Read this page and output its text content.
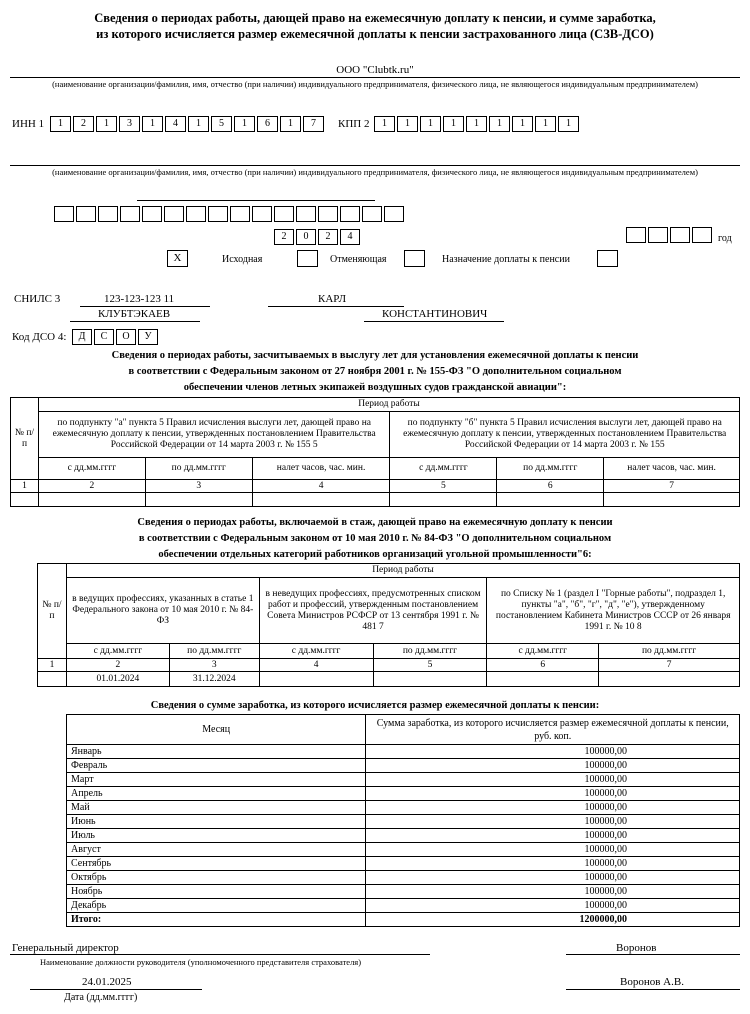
Сведения о периодах работы, дающей право на ежемесячную доплату к пенсии, и сумме заработка,
из которого исчисляется размер ежемесячной доплаты к пенсии застрахованного лица (СЗВ-ДСО)
ООО "Clubtk.ru"
(наименование организации/фамилия, имя, отчество (при наличии) индивидуального предпринимателя, физического лица, не являющегося индивидуальным предпринимателем)
ИНН 1	1	2	1	3	1	4	1	5	1	6	1	7	КПП 2	1	1	1	1	1	1	1	1	1
(наименование организации/фамилия, имя, отчество (при наличии) индивидуального предпринимателя, физического лица, не являющегося индивидуальным предпринимателем)
2	0	2	4	год
X	Исходная	Отменяющая	Назначение доплаты к пенсии
СНИЛС 3	123-123-123 11	КАРЛ
КЛУБТЭКАЕВ	КОНСТАНТИНОВИЧ
Код ДСО 4:	Д	С	О	У
Сведения о периодах работы, засчитываемых в выслугу лет для установления ежемесячной доплаты к пенсии
в соответствии с Федеральным законом от 27 ноября 2001 г. № 155-ФЗ "О дополнительном социальном
обеспечении членов летных экипажей воздушных судов гражданской авиации":
№ п/п	Период работы					
	по подпункту "а" пункта 5 Правил исчисления выслуги лет, дающей право на ежемесячную доплату к пенсии, утвержденных постановлением Правительства Российской Федерации от 14 марта 2003 г. № 155 5			по подпункту "б" пункта 5 Правил исчисления выслуги лет, дающей право на ежемесячную доплату к пенсии, утвержденных постановлением Правительства Российской Федерации от 14 марта 2003 г. № 155		
	с дд.мм.гггг	по дд.мм.гггг	налет часов, час. мин.	с дд.мм.гггг	по дд.мм.гггг	налет часов, час. мин.
1	2	3	4	5	6	7

Сведения о периодах работы, включаемой в стаж, дающей право на ежемесячную доплату к пенсии
в соответствии с Федеральным законом от 10 мая 2010 г. № 84-ФЗ "О дополнительном социальном
обеспечении отдельных категорий работников организаций угольной промышленности"6:
№ п/п	Период работы					
	в ведущих профессиях, указанных в статье 1 Федерального закона от 10 мая 2010 г. № 84-ФЗ		в неведущих профессиях, предусмотренных списком работ и профессий, утвержденным постановлением Совета Министров РСФСР от 13 сентября 1991 г. № 481 7		по Списку № 1 (раздел I "Горные работы", подраздел 1, пункты "а", "б", "г", "д", "е"), утвержденному постановлением Кабинета Министров СССР от 26 января 1991 г. № 10 8	
	с дд.мм.гггг	по дд.мм.гггг	с дд.мм.гггг	по дд.мм.гггг	с дд.мм.гггг	по дд.мм.гггг
1	2	3	4	5	6	7
	01.01.2024	31.12.2024				
Сведения о сумме заработка, из которого исчисляется размер ежемесячной доплаты к пенсии:
Месяц	Сумма заработка, из которого исчисляется размер ежемесячной доплаты к пенсии, руб. коп.
Январь	100000,00
Февраль	100000,00
Март	100000,00
Апрель	100000,00
Май	100000,00
Июнь	100000,00
Июль	100000,00
Август	100000,00
Сентябрь	100000,00
Октябрь	100000,00
Ноябрь	100000,00
Декабрь	100000,00
Итого:	1200000,00
Генеральный директор	Воронов
Наименование должности руководителя (уполномоченного представителя страхователя)
24.01.2025	Воронов А.В.
Дата (дд.мм.гггг)
